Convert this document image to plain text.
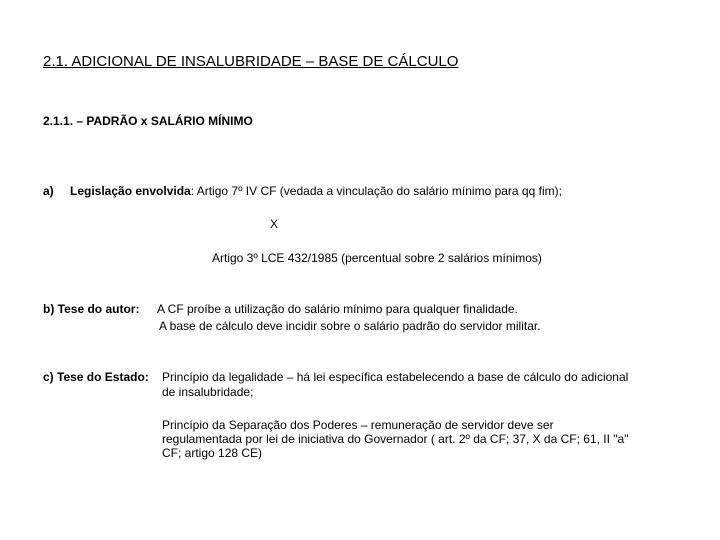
2.1. ADICIONAL DE INSALUBRIDADE – BASE DE CÁLCULO
2.1.1. – PADRÃO x SALÁRIO MÍNIMO
a) Legislação envolvida: Artigo 7º IV CF (vedada a vinculação do salário mínimo para qq fim);
X
Artigo 3º LCE 432/1985 (percentual sobre 2 salários mínimos)
b) Tese do autor: A CF proíbe a utilização do salário mínimo para qualquer finalidade.
A base de cálculo deve incidir sobre o salário padrão do servidor militar.
c) Tese do Estado: Princípio da legalidade – há lei específica estabelecendo a base de cálculo do adicional
de insalubridade;
Princípio da Separação dos Poderes – remuneração de servidor deve ser
regulamentada por lei de iniciativa do Governador ( art. 2º da CF; 37, X da CF; 61, II "a"
CF; artigo 128 CE)
